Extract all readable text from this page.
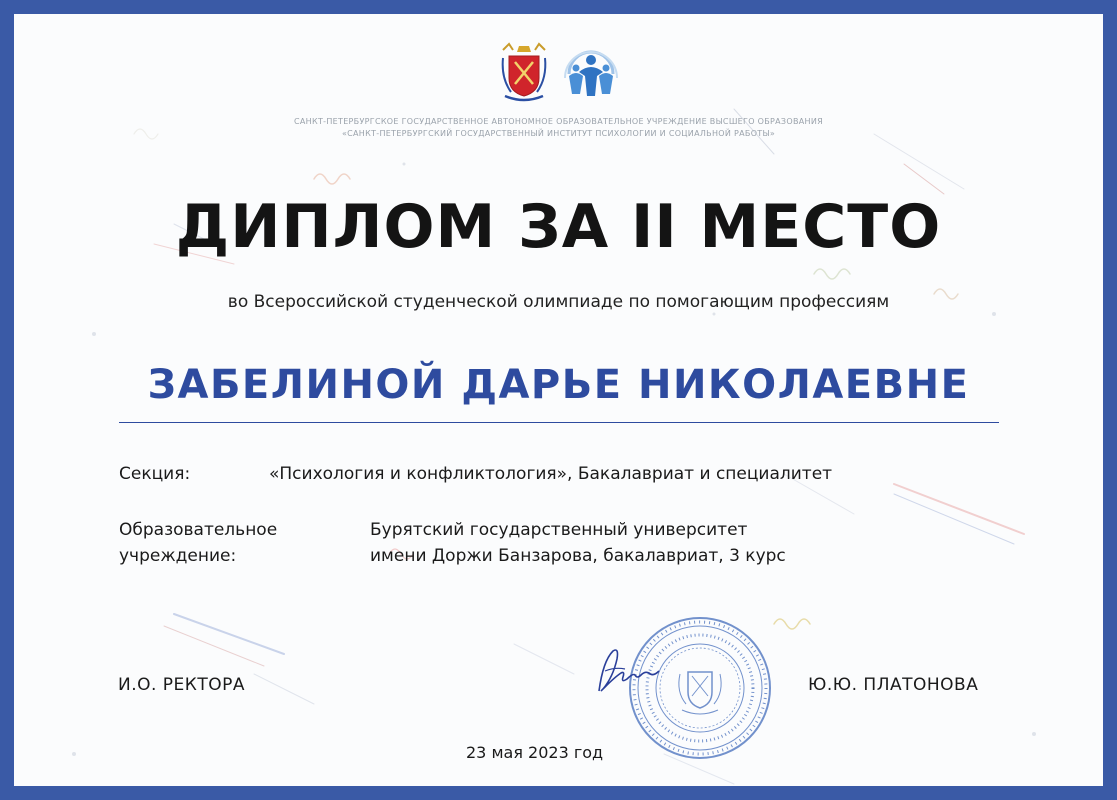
САНКТ-ПЕТЕРБУРГСКОЕ ГОСУДАРСТВЕННОЕ АВТОНОМНОЕ ОБРАЗОВАТЕЛЬНОЕ УЧРЕЖДЕНИЕ ВЫСШЕГО ОБРАЗОВАНИЯ
«САНКТ-ПЕТЕРБУРГСКИЙ ГОСУДАРСТВЕННЫЙ ИНСТИТУТ ПСИХОЛОГИИ И СОЦИАЛЬНОЙ РАБОТЫ»
ДИПЛОМ ЗА II МЕСТО
во Всероссийской студенческой олимпиаде по помогающим профессиям
ЗАБЕЛИНОЙ ДАРЬЕ НИКОЛАЕВНЕ
Секция:	«Психология и конфликтология», Бакалавриат и специалитет
Образовательное
учреждение:
Бурятский государственный университет
имени Доржи Банзарова, бакалавриат, 3 курс
И.О. РЕКТОРА	Ю.Ю. ПЛАТОНОВА
23 мая 2023 год
